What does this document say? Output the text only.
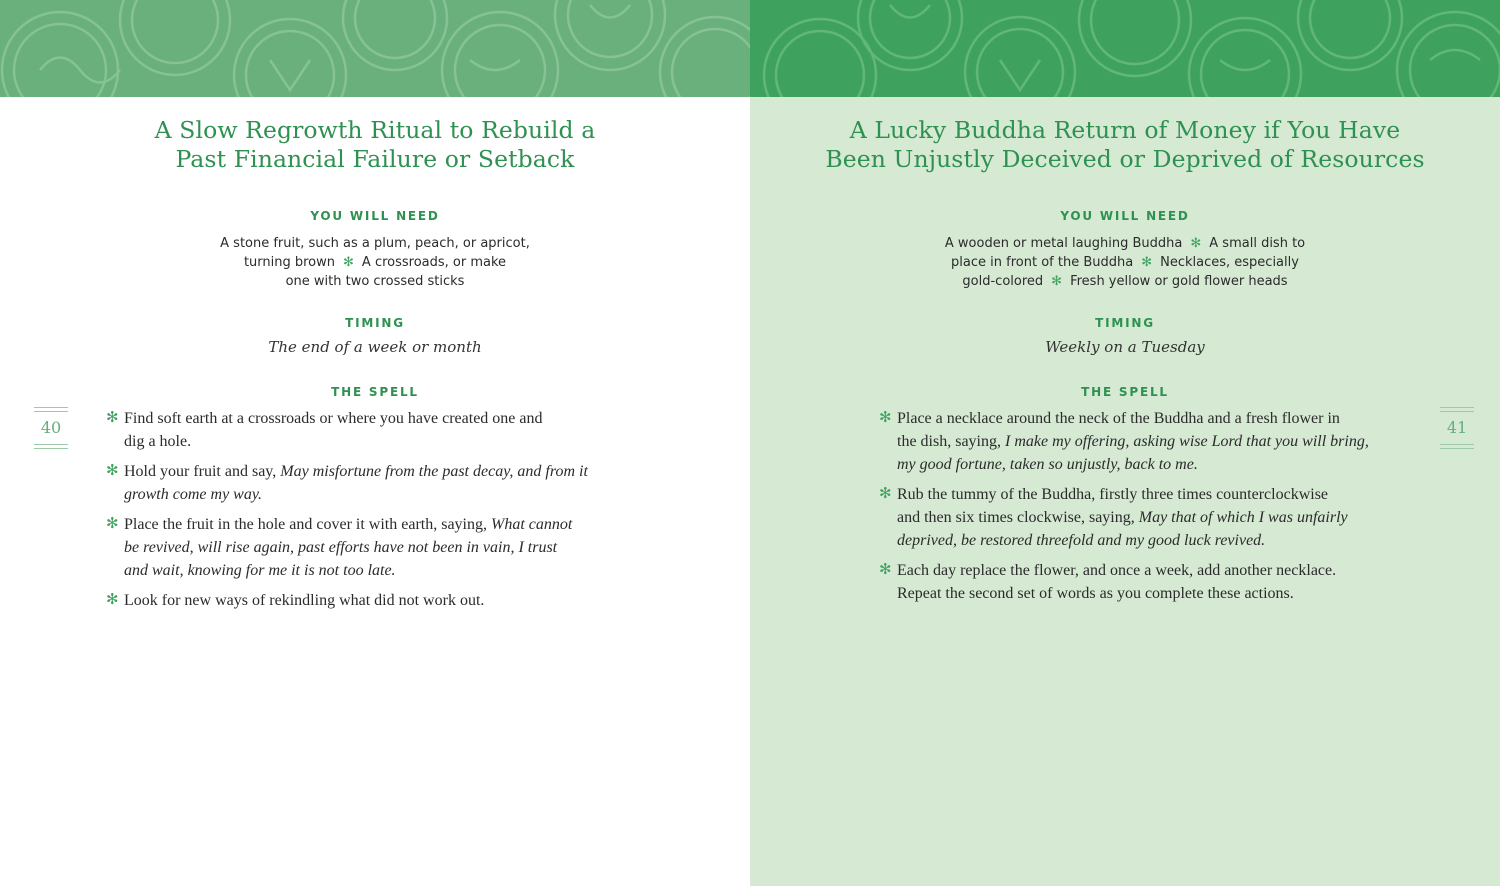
A Slow Regrowth Ritual to Rebuild a
Past Financial Failure or Setback

YOU WILL NEED

A stone fruit, such as a plum, peach, or apricot,
turning brown ✻ A crossroads, or make
one with two crossed sticks

TIMING

The end of a week or month

THE SPELL

✻ Find soft earth at a crossroads or where you have created one and
dig a hole.
✻ Hold your fruit and say, May misfortune from the past decay, and from it
growth come my way.
✻ Place the fruit in the hole and cover it with earth, saying, What cannot
be revived, will rise again, past efforts have not been in vain, I trust
and wait, knowing for me it is not too late.
✻ Look for new ways of rekindling what did not work out.
40
A Lucky Buddha Return of Money if You Have
Been Unjustly Deceived or Deprived of Resources

YOU WILL NEED

A wooden or metal laughing Buddha ✻ A small dish to
place in front of the Buddha ✻ Necklaces, especially
gold-colored ✻ Fresh yellow or gold flower heads

TIMING

Weekly on a Tuesday

THE SPELL

✻ Place a necklace around the neck of the Buddha and a fresh flower in
the dish, saying, I make my offering, asking wise Lord that you will bring,
my good fortune, taken so unjustly, back to me.
✻ Rub the tummy of the Buddha, firstly three times counterclockwise
and then six times clockwise, saying, May that of which I was unfairly
deprived, be restored threefold and my good luck revived.
✻ Each day replace the flower, and once a week, add another necklace.
Repeat the second set of words as you complete these actions.
41
